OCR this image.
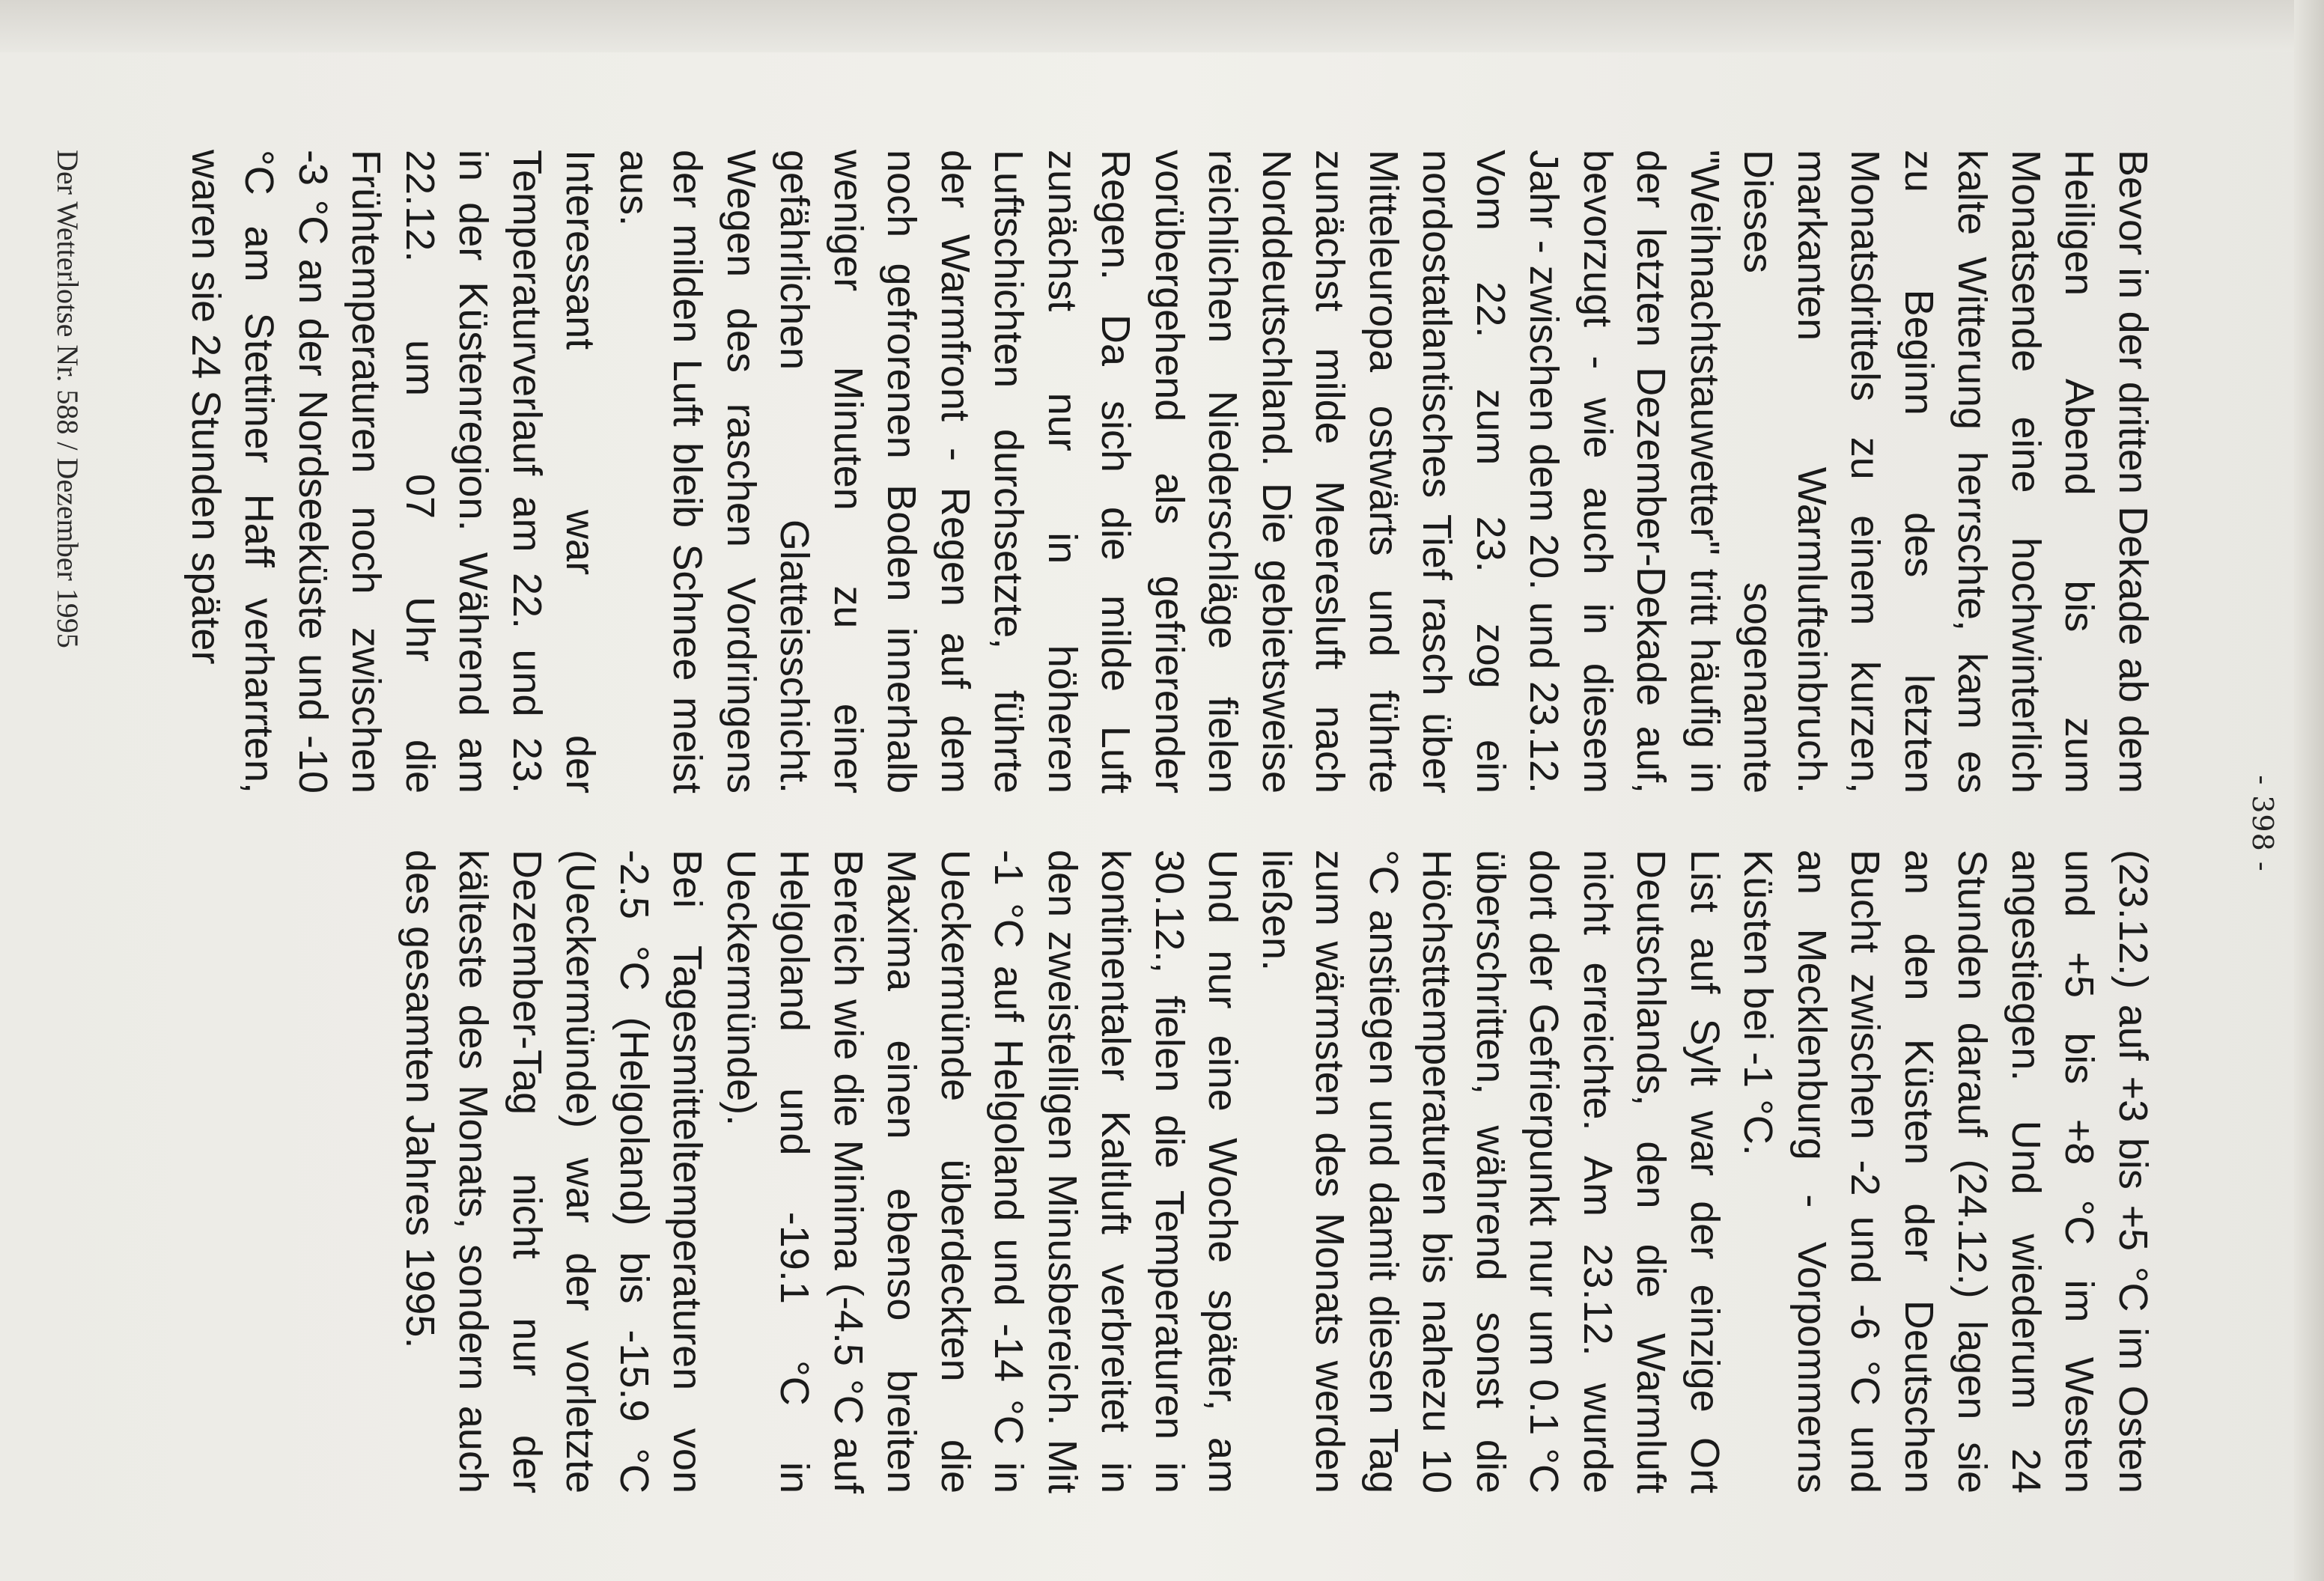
- 398 -

Bevor in der dritten Dekade ab dem Heiligen Abend bis zum Monatsende eine hochwinterlich kalte Witterung herrschte, kam es zu Beginn des letzten Monatsdrittels zu einem kurzen, markanten Warmlufteinbruch. Dieses sogenannte "Weihnachtstauwetter" tritt häufig in der letzten Dezember-Dekade auf, bevorzugt - wie auch in diesem Jahr - zwischen dem 20. und 23.12. Vom 22. zum 23. zog ein nordostatlantisches Tief rasch über Mitteleuropa ostwärts und führte zunächst milde Meeresluft nach Norddeutschland. Die gebietsweise reichlichen Niederschläge fielen vorübergehend als gefrierender Regen. Da sich die milde Luft zunächst nur in höheren Luftschichten durchsetzte, führte der Warmfront - Regen auf dem noch gefrorenen Boden innerhalb weniger Minuten zu einer gefährlichen Glatteisschicht. Wegen des raschen Vordringens der milden Luft bleib Schnee meist aus.

Interessant war der Temperaturverlauf am 22. und 23. in der Küstenregion. Während am 22.12. um 07 Uhr die Frühtemperaturen noch zwischen -3 °C an der Nordseeküste und -10 °C am Stettiner Haff verharrten, waren sie 24 Stunden später

(23.12.) auf +3 bis +5 °C im Osten und +5 bis +8 °C im Westen angestiegen. Und wiederum 24 Stunden darauf (24.12.) lagen sie an den Küsten der Deutschen Bucht zwischen -2 und -6 °C und an Mecklenburg - Vorpommerns Küsten bei -1 °C.

List auf Sylt war der einzige Ort Deutschlands, den die Warmluft nicht erreichte. Am 23.12. wurde dort der Gefrierpunkt nur um 0.1 °C überschritten, während sonst die Höchsttemperaturen bis nahezu 10 °C anstiegen und damit diesen Tag zum wärmsten des Monats werden ließen.

Und nur eine Woche später, am 30.12., fielen die Temperaturen in kontinentaler Kaltluft verbreitet in den zweistelligen Minusbereich. Mit -1 °C auf Helgoland und -14 °C in Ueckermünde überdeckten die Maxima einen ebenso breiten Bereich wie die Minima (-4.5 °C auf Helgoland und -19.1 °C in Ueckermünde).

Bei Tagesmitteltemperaturen von -2.5 °C (Helgoland) bis -15.9 °C (Ueckermünde) war der vorletzte Dezember-Tag nicht nur der kälteste des Monats, sondern auch des gesamten Jahres 1995.

Der Wetterlotse Nr. 588 / Dezember 1995
